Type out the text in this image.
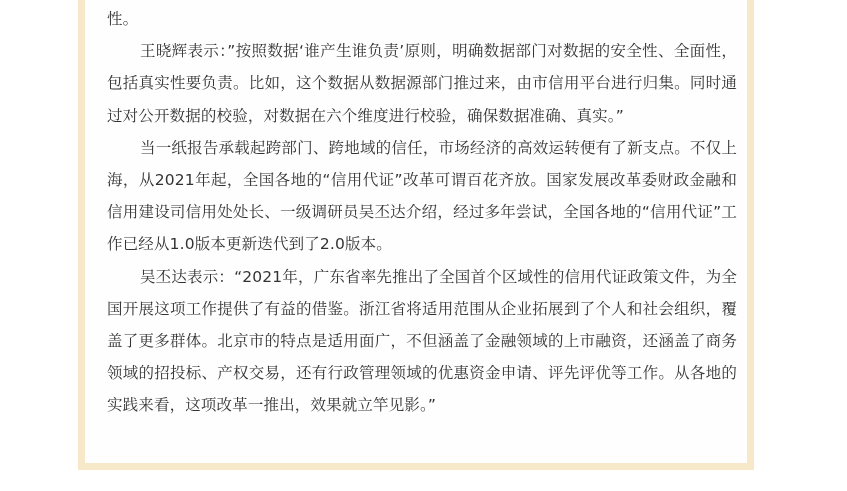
性。

王晓辉表示：”按照数据‘谁产生谁负责’原则，明确数据部门对数据的安全性、全面性，包括真实性要负责。比如，这个数据从数据源部门推过来，由市信用平台进行归集。同时通过对公开数据的校验，对数据在六个维度进行校验，确保数据准确、真实。”

当一纸报告承载起跨部门、跨地域的信任，市场经济的高效运转便有了新支点。不仅上海，从2021年起，全国各地的“信用代证”改革可谓百花齐放。国家发展改革委财政金融和信用建设司信用处处长、一级调研员吴丕达介绍，经过多年尝试，全国各地的“信用代证”工作已经从1.0版本更新迭代到了2.0版本。

吴丕达表示：“2021年，广东省率先推出了全国首个区域性的信用代证政策文件，为全国开展这项工作提供了有益的借鉴。浙江省将适用范围从企业拓展到了个人和社会组织，覆盖了更多群体。北京市的特点是适用面广，不但涵盖了金融领域的上市融资，还涵盖了商务领域的招投标、产权交易，还有行政管理领域的优惠资金申请、评先评优等工作。从各地的实践来看，这项改革一推出，效果就立竿见影。”
